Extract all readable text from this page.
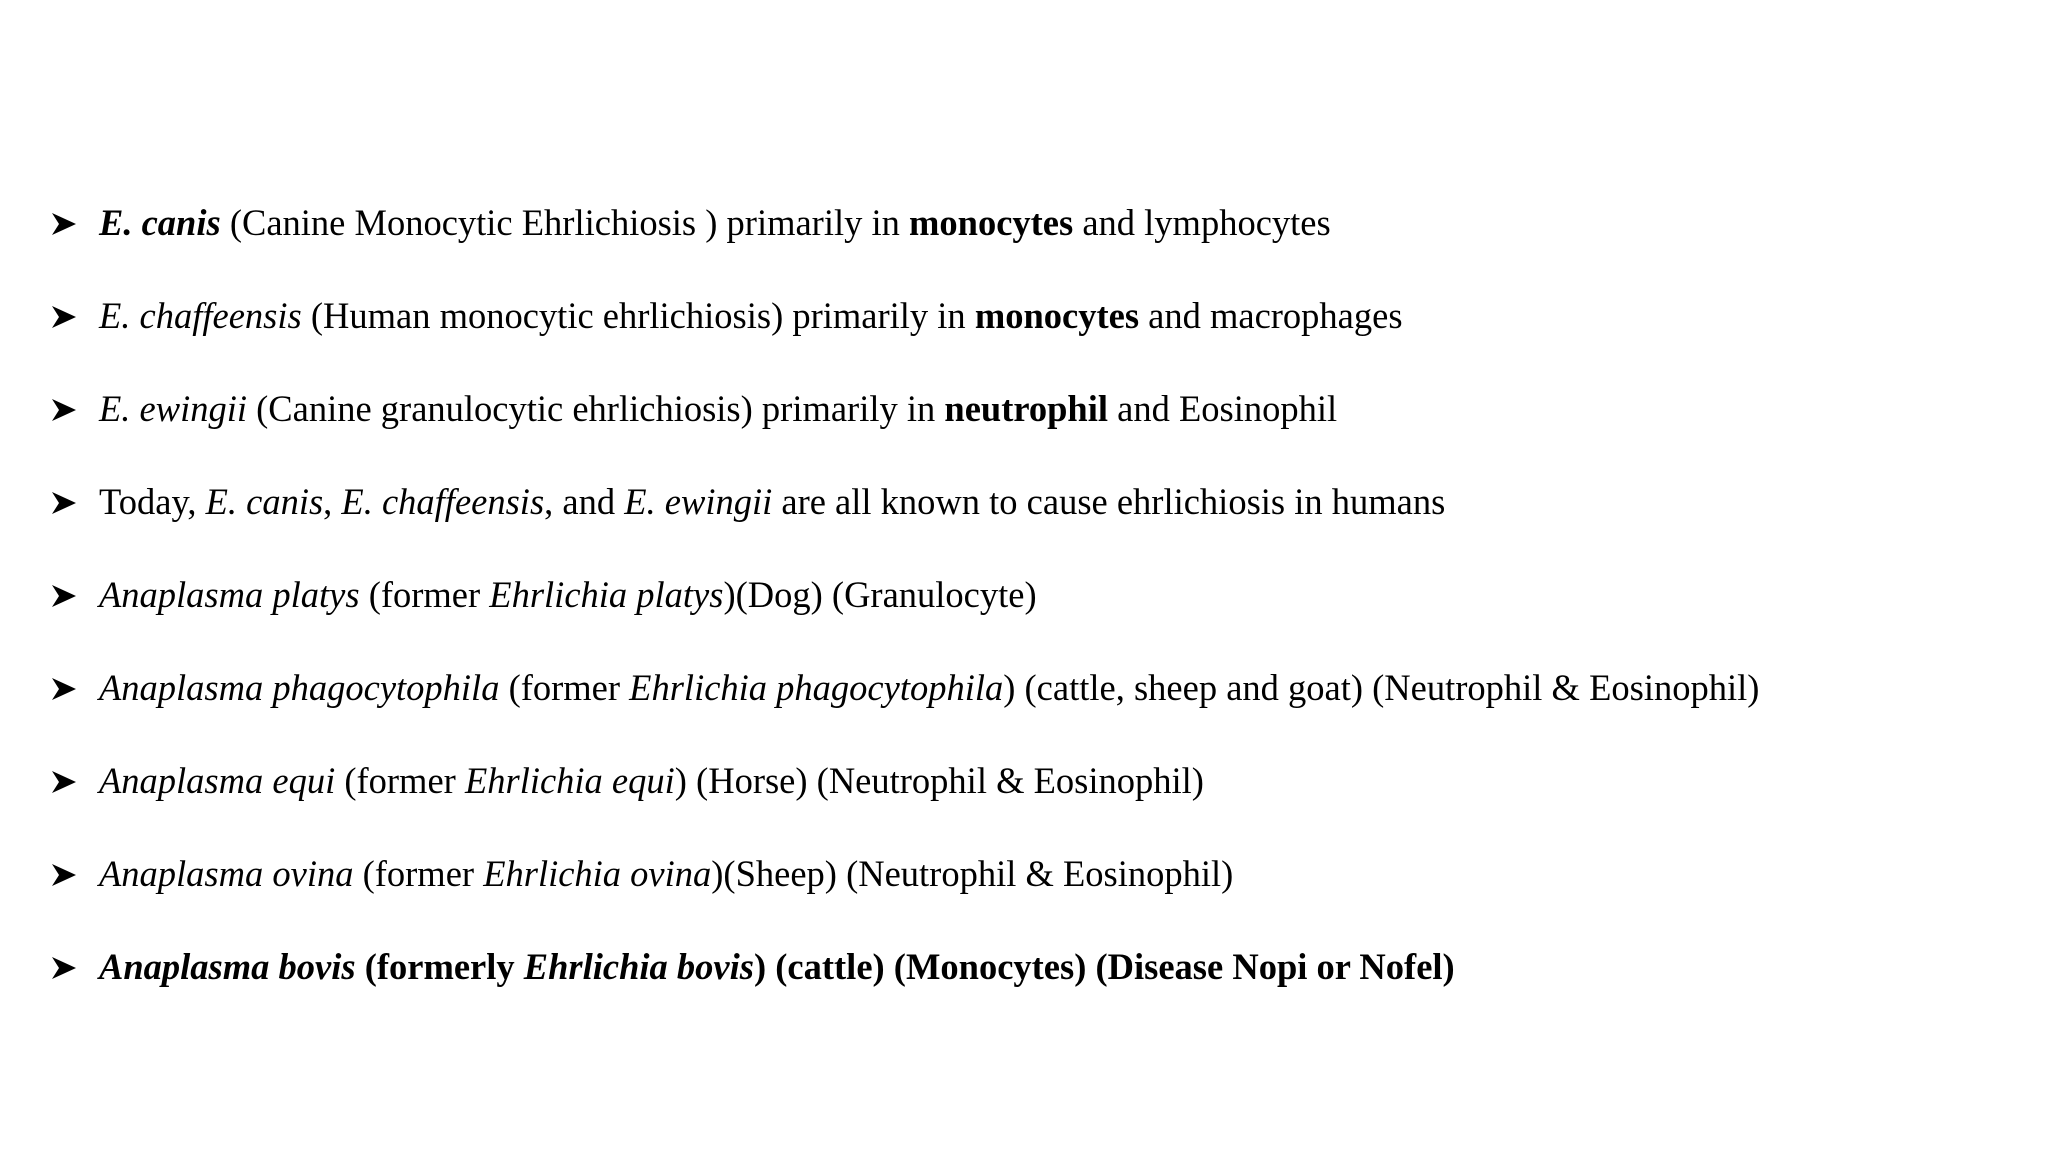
E. canis (Canine Monocytic Ehrlichiosis ) primarily in monocytes and lymphocytes
E. chaffeensis (Human monocytic ehrlichiosis) primarily in monocytes and macrophages
E. ewingii (Canine granulocytic ehrlichiosis) primarily in neutrophil and Eosinophil
Today, E. canis, E. chaffeensis, and E. ewingii are all known to cause ehrlichiosis in humans
Anaplasma platys (former Ehrlichia platys)(Dog) (Granulocyte)
Anaplasma phagocytophila (former Ehrlichia phagocytophila) (cattle, sheep and goat) (Neutrophil & Eosinophil)
Anaplasma equi (former Ehrlichia equi) (Horse) (Neutrophil & Eosinophil)
Anaplasma ovina (former Ehrlichia ovina)(Sheep) (Neutrophil & Eosinophil)
Anaplasma bovis (formerly Ehrlichia bovis) (cattle) (Monocytes) (Disease Nopi or Nofel)
